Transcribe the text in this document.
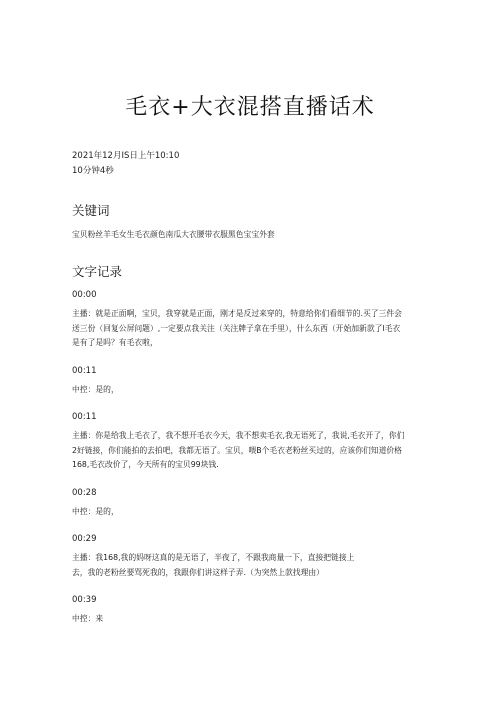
毛衣+大衣混搭直播话术
2021年12月IS日上午10:10
10分钟4秒
关键词
宝贝粉丝羊毛女生毛衣颜色南瓜大衣腰带衣服黑色宝宝外套
文字记录
00:00
主播：就是正面啊，宝贝，我穿就是正面，刚才是反过来穿的，特意给你们看细节的.买了三件会
送三份（回复公屏问题）,一定要点我关注（关注牌子拿在手里），什么东西（开始加新款了I毛衣
是有了是吗？有毛衣啦，
00:11
中控：是的，
00:11
主播：你是给我上毛衣了，我不想开毛衣今天，我不想卖毛衣,我无语死了，我说,毛衣开了，你们
2好链接，你们能拍的去拍吧，我都无语了。宝贝，喂B个毛衣老粉丝买过的，应该你们知道价格
168,毛衣改价了，今天所有的宝贝99块钱.
00:28
中控：是的，
00:29
主播：我168,我的妈呀这真的是无语了，半夜了，不跟我商量一下，直接把链接上
去，我的老粉丝要骂死我的，我跟你们讲这样子弄.（为突然上款找理由）
00:39
中控：来
